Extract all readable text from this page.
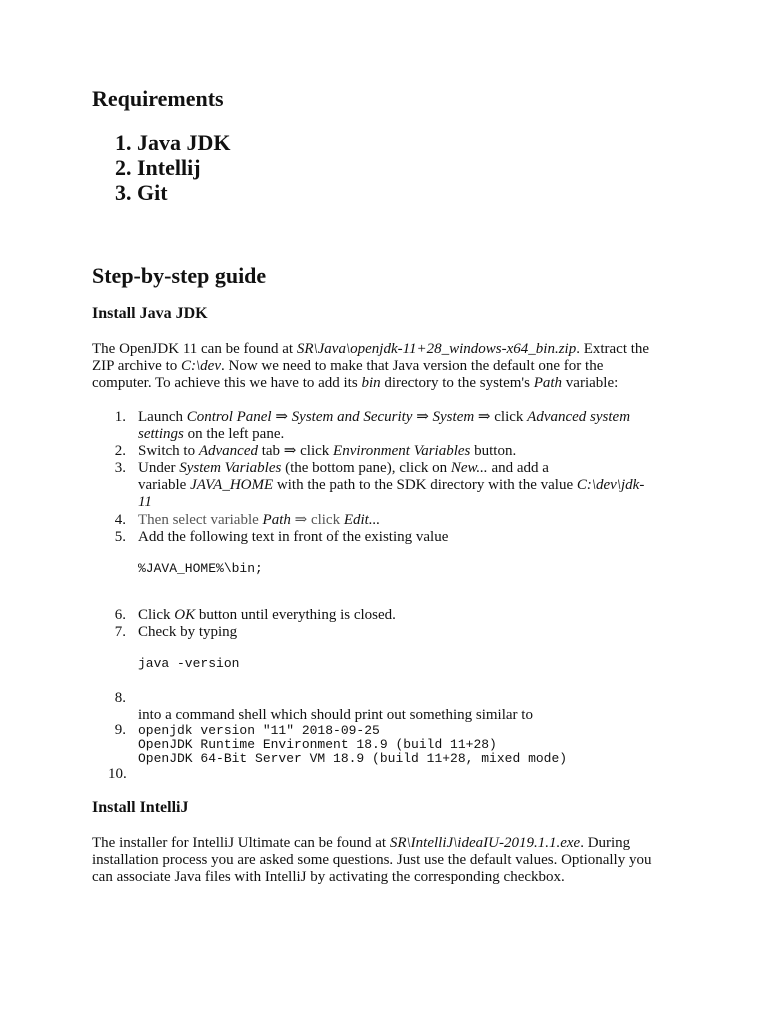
Requirements
1. Java JDK
2. Intellij
3. Git
Step-by-step guide
Install Java JDK
The OpenJDK 11 can be found at SR\Java\openjdk-11+28_windows-x64_bin.zip. Extract the
ZIP archive to C:\dev. Now we need to make that Java version the default one for the
computer. To achieve this we have to add its bin directory to the system's Path variable:
1. Launch Control Panel ⇒ System and Security ⇒ System ⇒ click Advanced system
settings on the left pane.
2. Switch to Advanced tab ⇒ click Environment Variables button.
3. Under System Variables (the bottom pane), click on New... and add a
variable JAVA_HOME with the path to the SDK directory with the value C:\dev\jdk-
11
4. Then select variable Path ⇒ click Edit...
5. Add the following text in front of the existing value
%JAVA_HOME%\bin;
6. Click OK button until everything is closed.
7. Check by typing
java -version
8.
into a command shell which should print out something similar to
9. openjdk version "11" 2018-09-25
OpenJDK Runtime Environment 18.9 (build 11+28)
OpenJDK 64-Bit Server VM 18.9 (build 11+28, mixed mode)
10.
Install IntelliJ
The installer for IntelliJ Ultimate can be found at SR\IntelliJ\ideaIU-2019.1.1.exe. During
installation process you are asked some questions. Just use the default values. Optionally you
can associate Java files with IntelliJ by activating the corresponding checkbox.
